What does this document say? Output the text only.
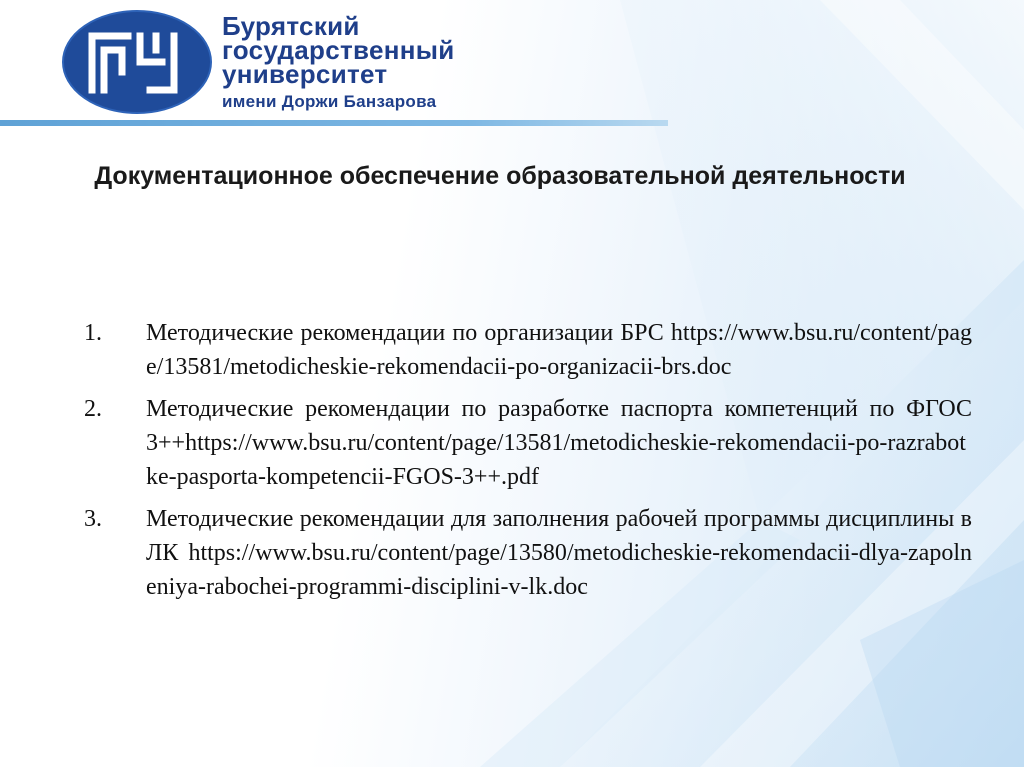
Бурятский
государственный
университет
имени Доржи Банзарова
Документационное обеспечение образовательной деятельности
1. Методические рекомендации по организации БРС https://www.bsu.ru/content/page/13581/metodicheskie-rekomendacii-po-organizacii-brs.doc
2. Методические рекомендации по разработке паспорта компетенций по ФГОС 3++https://www.bsu.ru/content/page/13581/metodicheskie-rekomendacii-po-razrabotke-pasporta-kompetencii-FGOS-3++.pdf
3. Методические рекомендации для заполнения рабочей программы дисциплины в ЛК https://www.bsu.ru/content/page/13580/metodicheskie-rekomendacii-dlya-zapolneniya-rabochei-programmi-disciplini-v-lk.doc
